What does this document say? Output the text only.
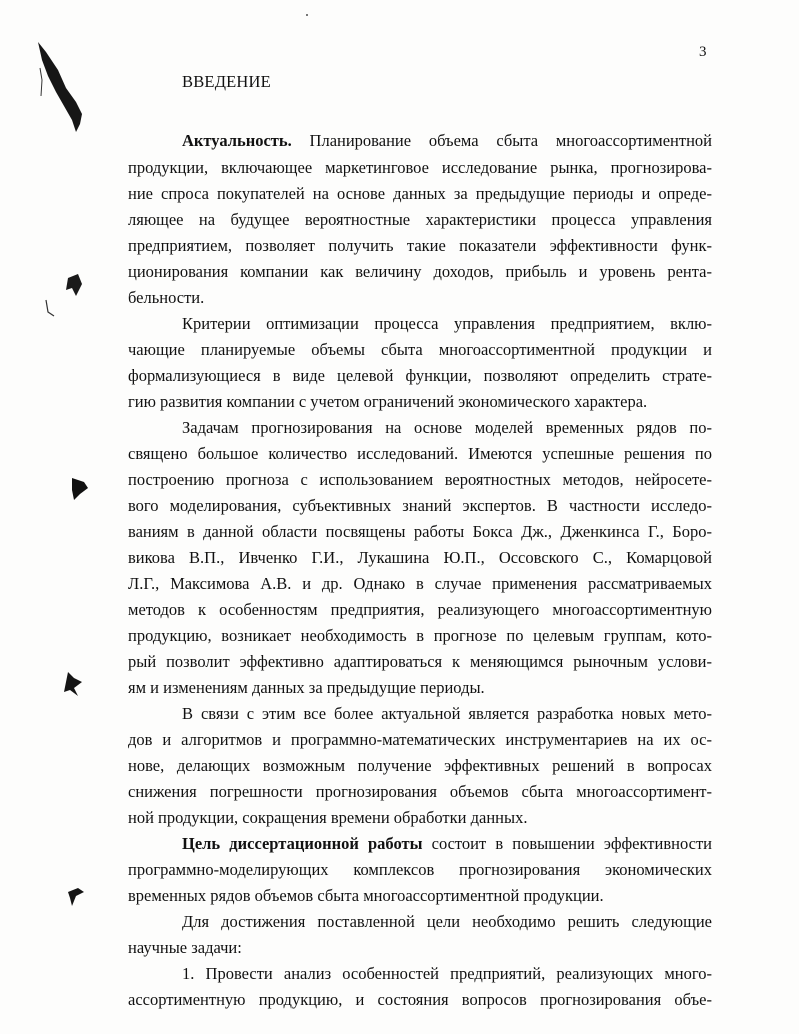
3
ВВЕДЕНИЕ
Актуальность. Планирование объема сбыта многоассортиментной
продукции, включающее маркетинговое исследование рынка, прогнозирова-
ние спроса покупателей на основе данных за предыдущие периоды и опреде-
ляющее на будущее вероятностные характеристики процесса управления
предприятием, позволяет получить такие показатели эффективности функ-
ционирования компании как величину доходов, прибыль и уровень рента-
бельности.
Критерии оптимизации процесса управления предприятием, вклю-
чающие планируемые объемы сбыта многоассортиментной продукции и
формализующиеся в виде целевой функции, позволяют определить страте-
гию развития компании с учетом ограничений экономического характера.
Задачам прогнозирования на основе моделей временных рядов по-
священо большое количество исследований. Имеются успешные решения по
построению прогноза с использованием вероятностных методов, нейросете-
вого моделирования, субъективных знаний экспертов. В частности исследо-
ваниям в данной области посвящены работы Бокса Дж., Дженкинса Г., Боро-
викова В.П., Ивченко Г.И., Лукашина Ю.П., Оссовского С., Комарцовой
Л.Г., Максимова А.В. и др. Однако в случае применения рассматриваемых
методов к особенностям предприятия, реализующего многоассортиментную
продукцию, возникает необходимость в прогнозе по целевым группам, кото-
рый позволит эффективно адаптироваться к меняющимся рыночным услови-
ям и изменениям данных за предыдущие периоды.
В связи с этим все более актуальной является разработка новых мето-
дов и алгоритмов и программно-математических инструментариев на их ос-
нове, делающих возможным получение эффективных решений в вопросах
снижения погрешности прогнозирования объемов сбыта многоассортимент-
ной продукции, сокращения времени обработки данных.
Цель диссертационной работы состоит в повышении эффективности
программно-моделирующих комплексов прогнозирования экономических
временных рядов объемов сбыта многоассортиментной продукции.
Для достижения поставленной цели необходимо решить следующие
научные задачи:
1. Провести анализ особенностей предприятий, реализующих много-
ассортиментную продукцию, и состояния вопросов прогнозирования объе-
